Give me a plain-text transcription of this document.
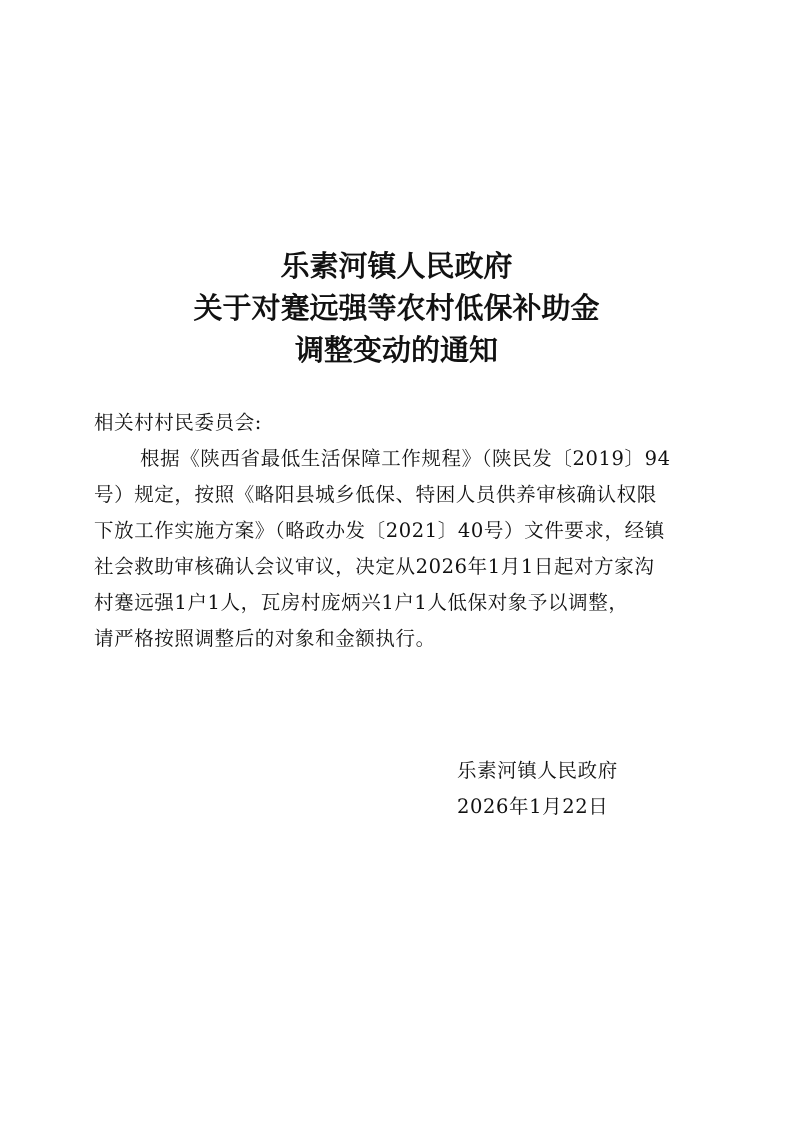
乐素河镇人民政府
关于对蹇远强等农村低保补助金
调整变动的通知
相关村村民委员会:
根据《陕西省最低生活保障工作规程》（陕民发〔2019〕94
号）规定，按照《略阳县城乡低保、特困人员供养审核确认权限
下放工作实施方案》（略政办发〔2021〕40号）文件要求，经镇
社会救助审核确认会议审议，决定从2026年1月1日起对方家沟
村蹇远强1户1人，瓦房村庞炳兴1户1人低保对象予以调整，
请严格按照调整后的对象和金额执行。
乐素河镇人民政府
2026年1月22日
